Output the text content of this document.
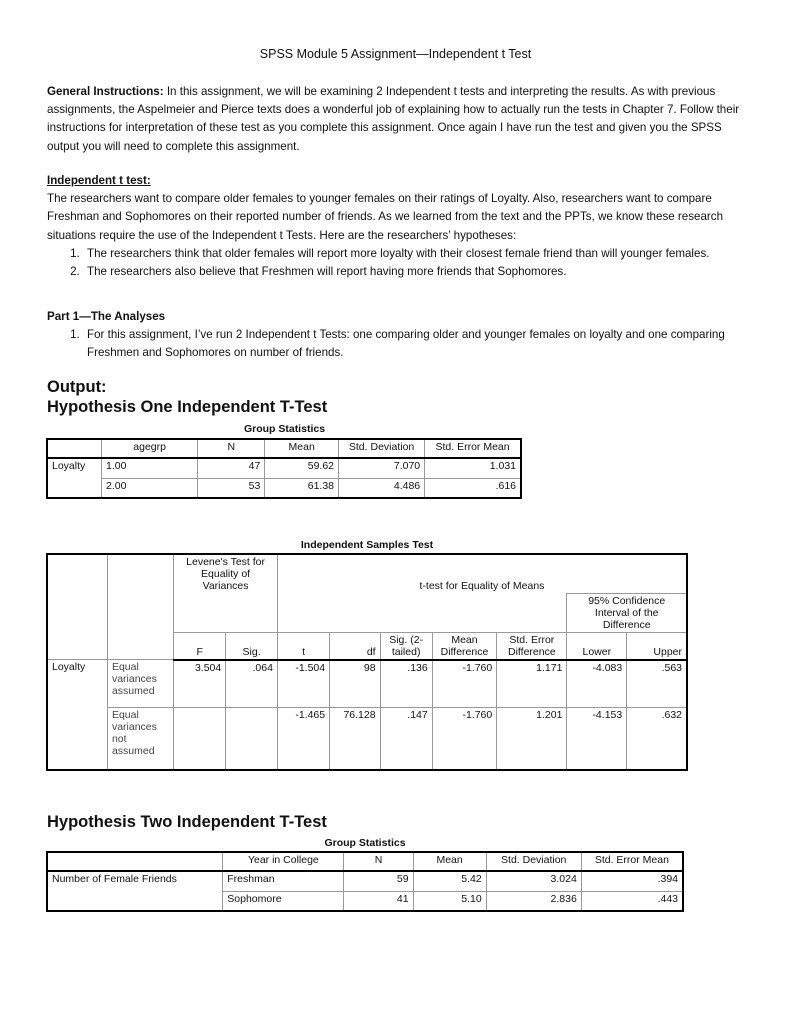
SPSS Module 5 Assignment—Independent t Test
General Instructions: In this assignment, we will be examining 2 Independent t tests and interpreting the results. As with previous assignments, the Aspelmeier and Pierce texts does a wonderful job of explaining how to actually run the tests in Chapter 7. Follow their instructions for interpretation of these test as you complete this assignment. Once again I have run the test and given you the SPSS output you will need to complete this assignment.
Independent t test:
The researchers want to compare older females to younger females on their ratings of Loyalty. Also, researchers want to compare Freshman and Sophomores on their reported number of friends. As we learned from the text and the PPTs, we know these research situations require the use of the Independent t Tests. Here are the researchers’ hypotheses:
1. The researchers think that older females will report more loyalty with their closest female friend than will younger females.
2. The researchers also believe that Freshmen will report having more friends that Sophomores.
Part 1—The Analyses
1. For this assignment, I’ve run 2 Independent t Tests: one comparing older and younger females on loyalty and one comparing Freshmen and Sophomores on number of friends.
Output:
Hypothesis One Independent T-Test
Group Statistics
	agegrp	N	Mean	Std. Deviation	Std. Error Mean
Loyalty	1.00	47	59.62	7.070	1.031
	2.00	53	61.38	4.486	.616
Independent Samples Test
		Levene's Test for Equality of Variances		t-test for Equality of Means						
									95% Confidence Interval of the Difference	
		F	Sig.	t	df	Sig. (2-tailed)	Mean Difference	Std. Error Difference	Lower	Upper
Loyalty	Equal variances assumed	3.504	.064	-1.504	98	.136	-1.760	1.171	-4.083	.563
	Equal variances not assumed			-1.465	76.128	.147	-1.760	1.201	-4.153	.632
Hypothesis Two Independent T-Test
Group Statistics
	Year in College	N	Mean	Std. Deviation	Std. Error Mean
Number of Female Friends	Freshman	59	5.42	3.024	.394
	Sophomore	41	5.10	2.836	.443
